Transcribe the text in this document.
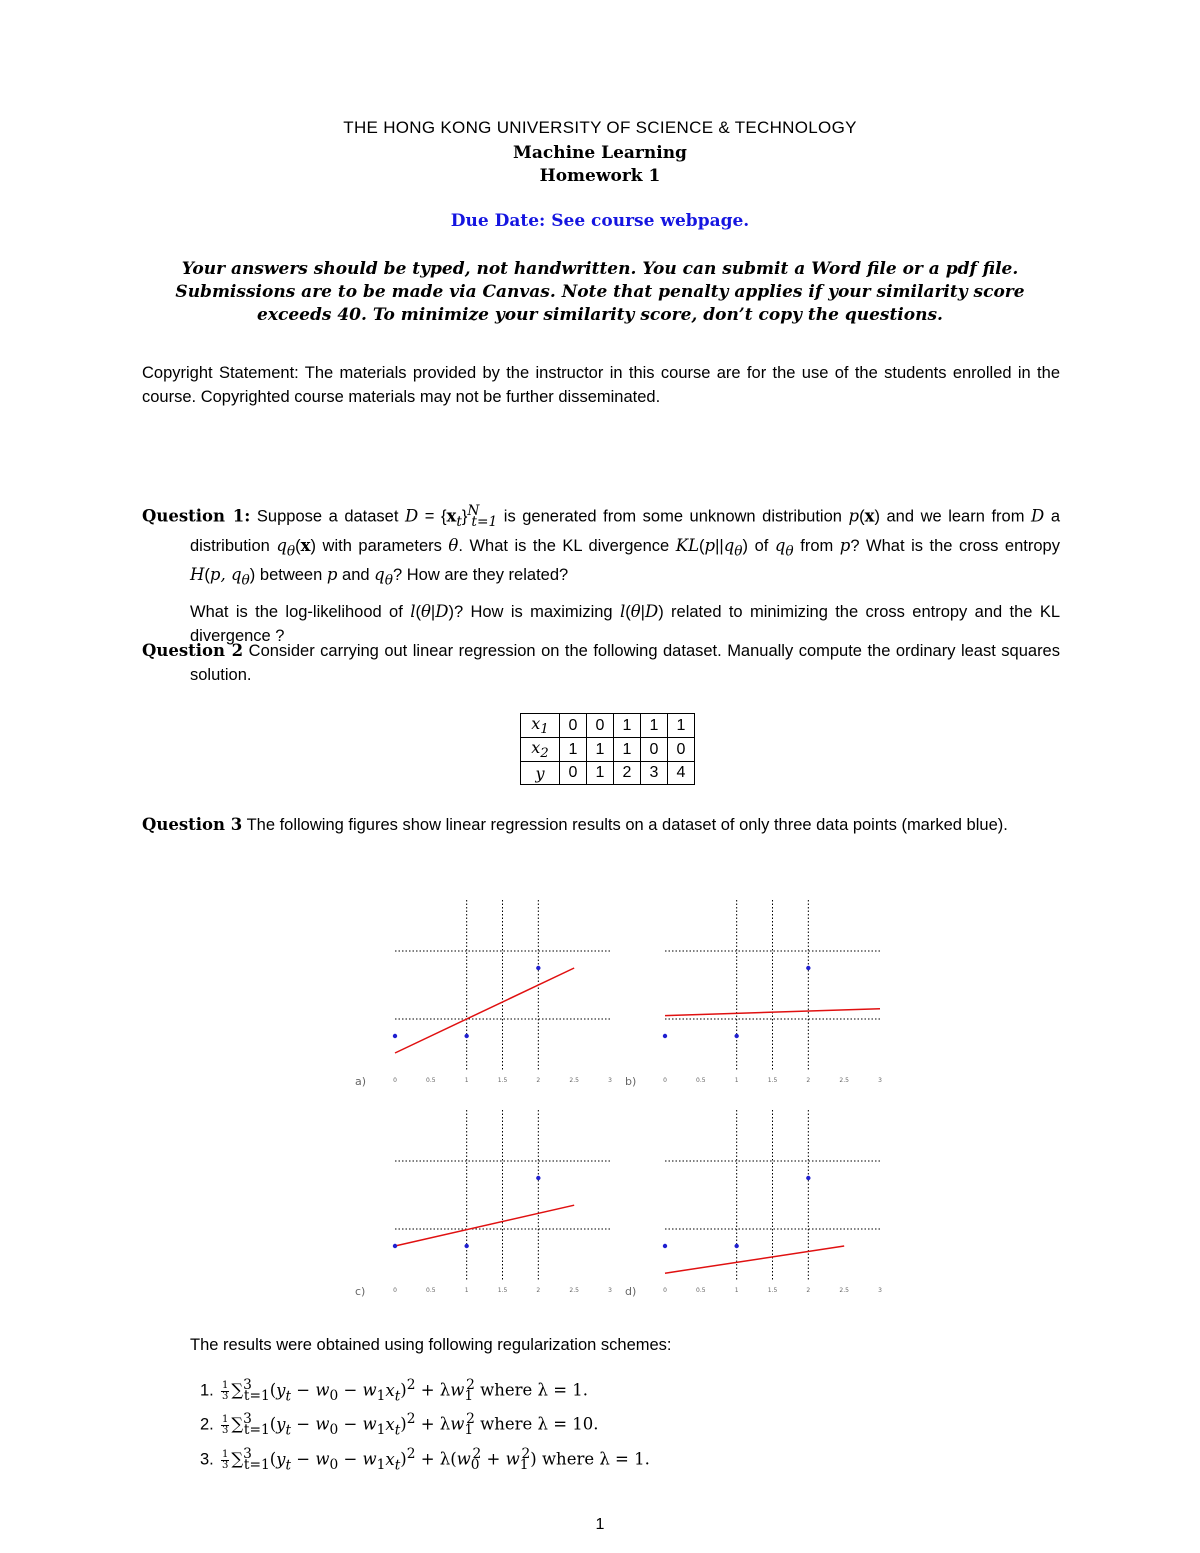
THE HONG KONG UNIVERSITY OF SCIENCE & TECHNOLOGY
Machine Learning
Homework 1
Due Date: See course webpage.
Your answers should be typed, not handwritten. You can submit a Word file or a pdf file.
Submissions are to be made via Canvas. Note that penalty applies if your similarity score
exceeds 40. To minimize your similarity score, don’t copy the questions.
Copyright Statement: The materials provided by the instructor in this course are for the use of the students enrolled in the course. Copyrighted course materials may not be further disseminated.
Question 1: Suppose a dataset $D = \{x_t\}^N_{t=1}$ is generated from some unknown distribution p(x) and we learn from D a distribution $q_\theta(x)$ with parameters θ. What is the KL divergence $KL(p||q_\theta)$ of $q_\theta$ from p? What is the cross entropy H(p, $q_\theta$) between p and $q_\theta$? How are they related?
What is the log-likelihood of l(θ|D)? How is maximizing l(θ|D) related to minimizing the cross entropy and the KL divergence ?
Question 2 Consider carrying out linear regression on the following dataset. Manually compute the ordinary least squares solution.
$x_1$	0	0	1	1	1
$x_2$	1	1	1	0	0
y	0	1	2	3	4
Question 3 The following figures show linear regression results on a dataset of only three data points (marked blue).
0	0.5	1	1.5	2	2.5	3
a)	0	0.5	1	1.5	2	2.5	3
b)
0	0.5	1	1.5	2	2.5	3
c)	0	0.5	1	1.5	2	2.5	3
d)
The results were obtained using following regularization schemes:
1. $\frac{1}{3} \sum^3_{t=1}(y_t - w_0 - w_1x_t)^2 + \lambda w_1^2$ where λ = 1.
2. $\frac{1}{3} \sum^3_{t=1}(y_t - w_0 - w_1x_t)^2 + \lambda w_1^2$ where λ = 10.
3. $\frac{1}{3} \sum^3_{t=1}(y_t - w_0 - w_1x_t)^2 + \lambda(w_0^2 + w_1^2)$ where λ = 1.
1
